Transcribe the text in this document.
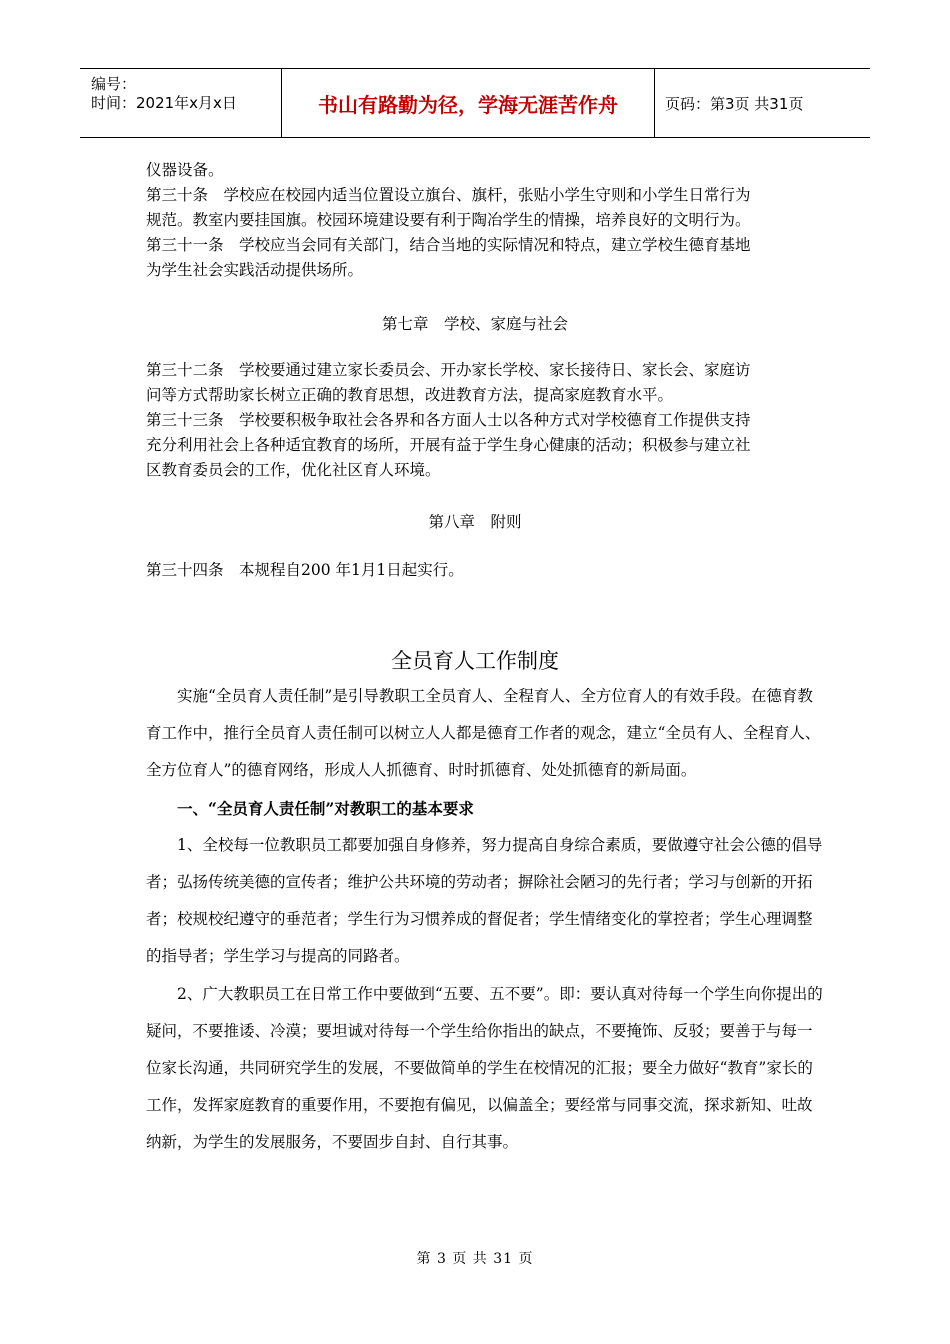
编号：
时间：2021年x月x日	书山有路勤为径，学海无涯苦作舟	页码：第3页 共31页
仪器设备。
第三十条　学校应在校园内适当位置设立旗台、旗杆，张贴小学生守则和小学生日常行为
规范。教室内要挂国旗。校园环境建设要有利于陶冶学生的情操，培养良好的文明行为。
第三十一条　学校应当会同有关部门，结合当地的实际情况和特点，建立学校生德育基地
为学生社会实践活动提供场所。
第七章　学校、家庭与社会
第三十二条　学校要通过建立家长委员会、开办家长学校、家长接待日、家长会、家庭访
问等方式帮助家长树立正确的教育思想，改进教育方法，提高家庭教育水平。
第三十三条　学校要积极争取社会各界和各方面人士以各种方式对学校德育工作提供支持
充分利用社会上各种适宜教育的场所，开展有益于学生身心健康的活动；积极参与建立社
区教育委员会的工作，优化社区育人环境。
第八章　附则
第三十四条　本规程自200 年1月1日起实行。
全员育人工作制度

实施“全员育人责任制”是引导教职工全员育人、全程育人、全方位育人的有效手段。在德育教育工作中，推行全员育人责任制可以树立人人都是德育工作者的观念，建立“全员有人、全程育人、全方位育人”的德育网络，形成人人抓德育、时时抓德育、处处抓德育的新局面。

一、“全员育人责任制”对教职工的基本要求

1、全校每一位教职员工都要加强自身修养，努力提高自身综合素质，要做遵守社会公德的倡导者；弘扬传统美德的宣传者；维护公共环境的劳动者；摒除社会陋习的先行者；学习与创新的开拓者；校规校纪遵守的垂范者；学生行为习惯养成的督促者；学生情绪变化的掌控者；学生心理调整的指导者；学生学习与提高的同路者。

2、广大教职员工在日常工作中要做到“五要、五不要”。即：要认真对待每一个学生向你提出的疑问，不要推诿、冷漠；要坦诚对待每一个学生给你指出的缺点，不要掩饰、反驳；要善于与每一位家长沟通，共同研究学生的发展，不要做简单的学生在校情况的汇报；要全力做好“教育”家长的工作，发挥家庭教育的重要作用，不要抱有偏见，以偏盖全；要经常与同事交流，探求新知、吐故纳新，为学生的发展服务，不要固步自封、自行其事。

第 3 页 共 31 页
